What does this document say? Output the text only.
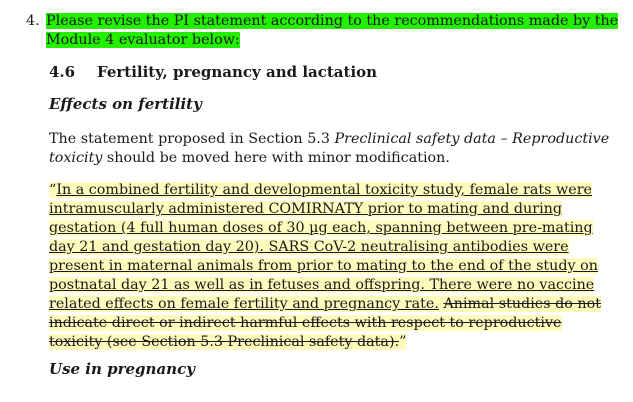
4. Please revise the PI statement according to the recommendations made by the Module 4 evaluator below:
4.6 Fertility, pregnancy and lactation
Effects on fertility
The statement proposed in Section 5.3 Preclinical safety data – Reproductive toxicity should be moved here with minor modification.
“In a combined fertility and developmental toxicity study, female rats were intramuscularly administered COMIRNATY prior to mating and during gestation (4 full human doses of 30 µg each, spanning between pre-mating day 21 and gestation day 20). SARS CoV-2 neutralising antibodies were present in maternal animals from prior to mating to the end of the study on postnatal day 21 as well as in fetuses and offspring. There were no vaccine related effects on female fertility and pregnancy rate. Animal studies do not indicate direct or indirect harmful effects with respect to reproductive toxicity (see Section 5.3 Preclinical safety data).”
Use in pregnancy
